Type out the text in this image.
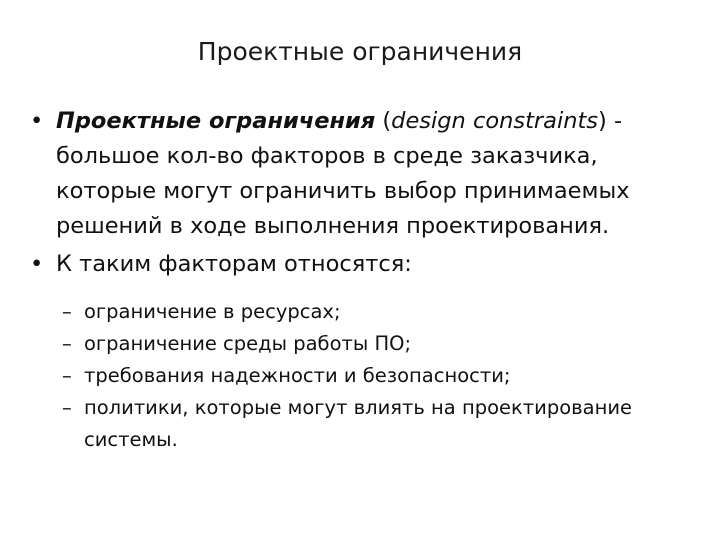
Проектные ограничения
• Проектные ограничения (design constraints) - большое кол-во факторов в среде заказчика, которые могут ограничить выбор принимаемых решений в ходе выполнения проектирования.
• К таким факторам относятся:
– ограничение в ресурсах;
– ограничение среды работы ПО;
– требования надежности и безопасности;
– политики, которые могут влиять на проектирование системы.
